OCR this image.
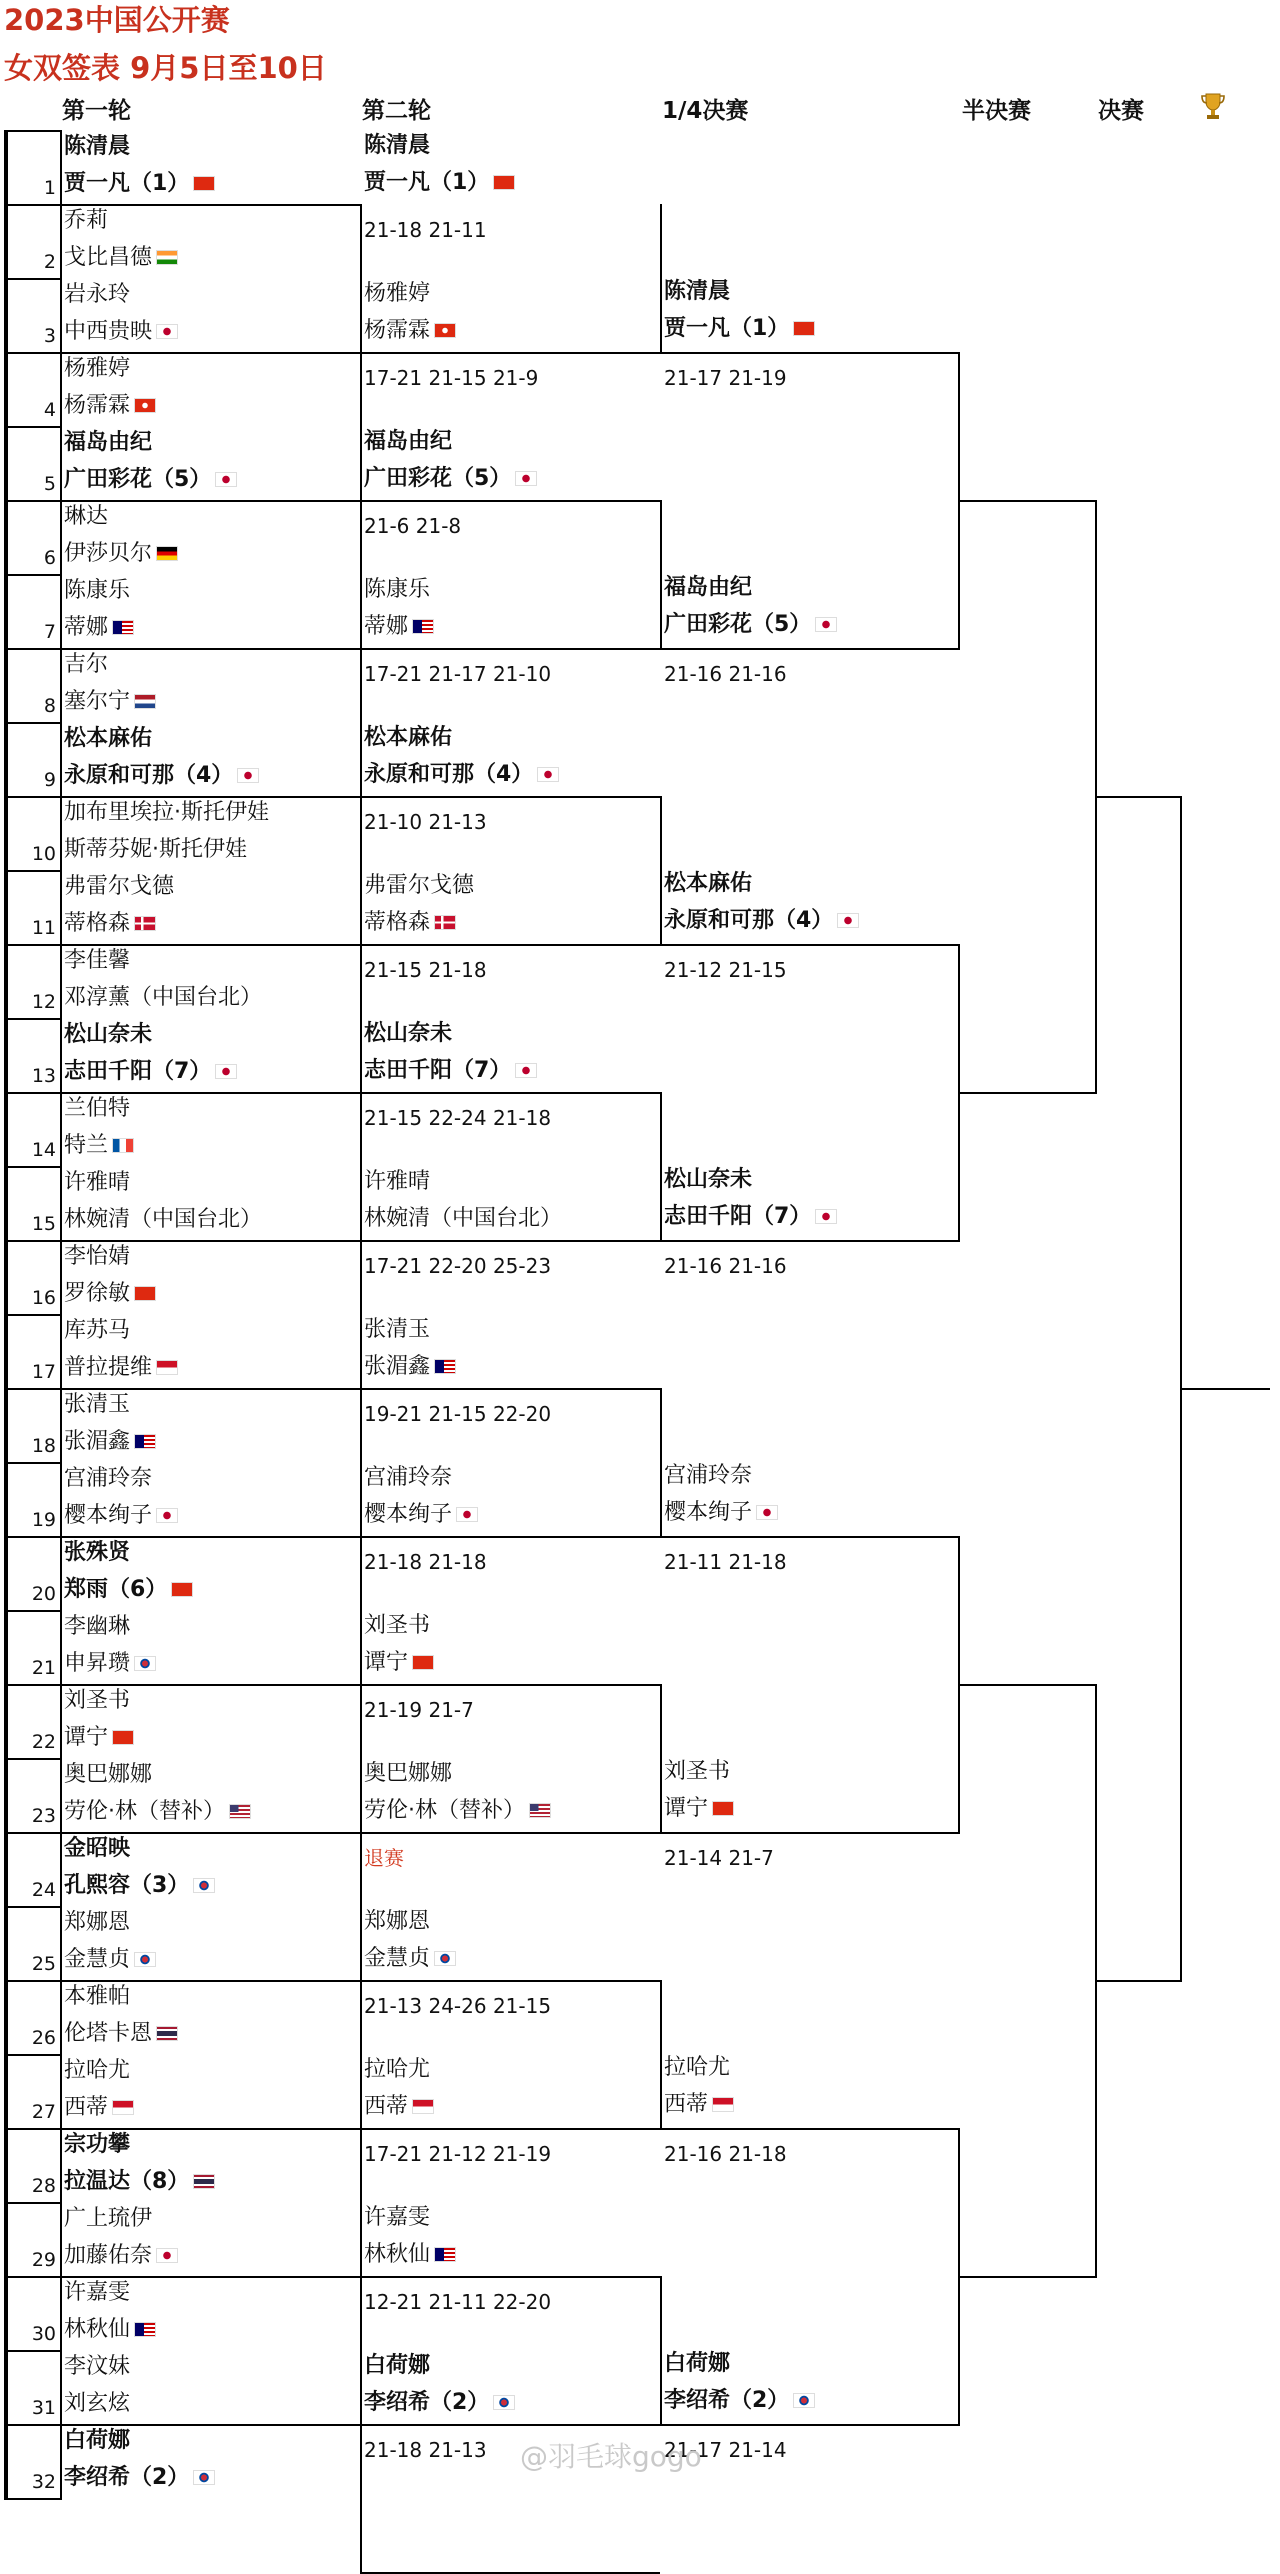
2023中国公开赛
女双签表 9月5日至10日
第一轮	第二轮	1/4决赛	半决赛	决赛
1
陈清晨
贾一凡（1）
2
乔莉
戈比昌德
3
岩永玲
中西贵映
4
杨雅婷
杨霈霖
5
福岛由纪
广田彩花（5）
6
琳达
伊莎贝尔
7
陈康乐
蒂娜
8
吉尔
塞尔宁
9
松本麻佑
永原和可那（4）
10
加布里埃拉·斯托伊娃
斯蒂芬妮·斯托伊娃
11
弗雷尔戈德
蒂格森
12
李佳馨
邓淳薰（中国台北）
13
松山奈未
志田千阳（7）
14
兰伯特
特兰
15
许雅晴
林婉清（中国台北）
16
李怡婧
罗徐敏
17
库苏马
普拉提维
18
张清玉
张湄鑫
19
宫浦玲奈
樱本绚子
20
张殊贤
郑雨（6）
21
李幽琳
申昇瓒
22
刘圣书
谭宁
23
奥巴娜娜
劳伦·林（替补）
24
金昭映
孔熙容（3）
25
郑娜恩
金慧贞
26
本雅帕
伦塔卡恩
27
拉哈尤
西蒂
28
宗功攀
拉温达（8）
29
广上琉伊
加藤佑奈
30
许嘉雯
林秋仙
31
李汶妹
刘玄炫
32
白荷娜
李绍希（2）
陈清晨
贾一凡（1）
21-18 21-11
杨雅婷
杨霈霖
17-21 21-15 21-9
福岛由纪
广田彩花（5）
21-6 21-8
陈康乐
蒂娜
17-21 21-17 21-10
松本麻佑
永原和可那（4）
21-10 21-13
弗雷尔戈德
蒂格森
21-15 21-18
松山奈未
志田千阳（7）
21-15 22-24 21-18
许雅晴
林婉清（中国台北）
17-21 22-20 25-23
张清玉
张湄鑫
19-21 21-15 22-20
宫浦玲奈
樱本绚子
21-18 21-18
刘圣书
谭宁
21-19 21-7
奥巴娜娜
劳伦·林（替补）
退赛
郑娜恩
金慧贞
21-13 24-26 21-15
拉哈尤
西蒂
17-21 21-12 21-19
许嘉雯
林秋仙
12-21 21-11 22-20
白荷娜
李绍希（2）
21-18 21-13
陈清晨
贾一凡（1）
21-17 21-19
福岛由纪
广田彩花（5）
21-16 21-16
松本麻佑
永原和可那（4）
21-12 21-15
松山奈未
志田千阳（7）
21-16 21-16
宫浦玲奈
樱本绚子
21-11 21-18
刘圣书
谭宁
21-14 21-7
拉哈尤
西蒂
21-16 21-18
白荷娜
李绍希（2）
21-17 21-14
@羽毛球gogo
